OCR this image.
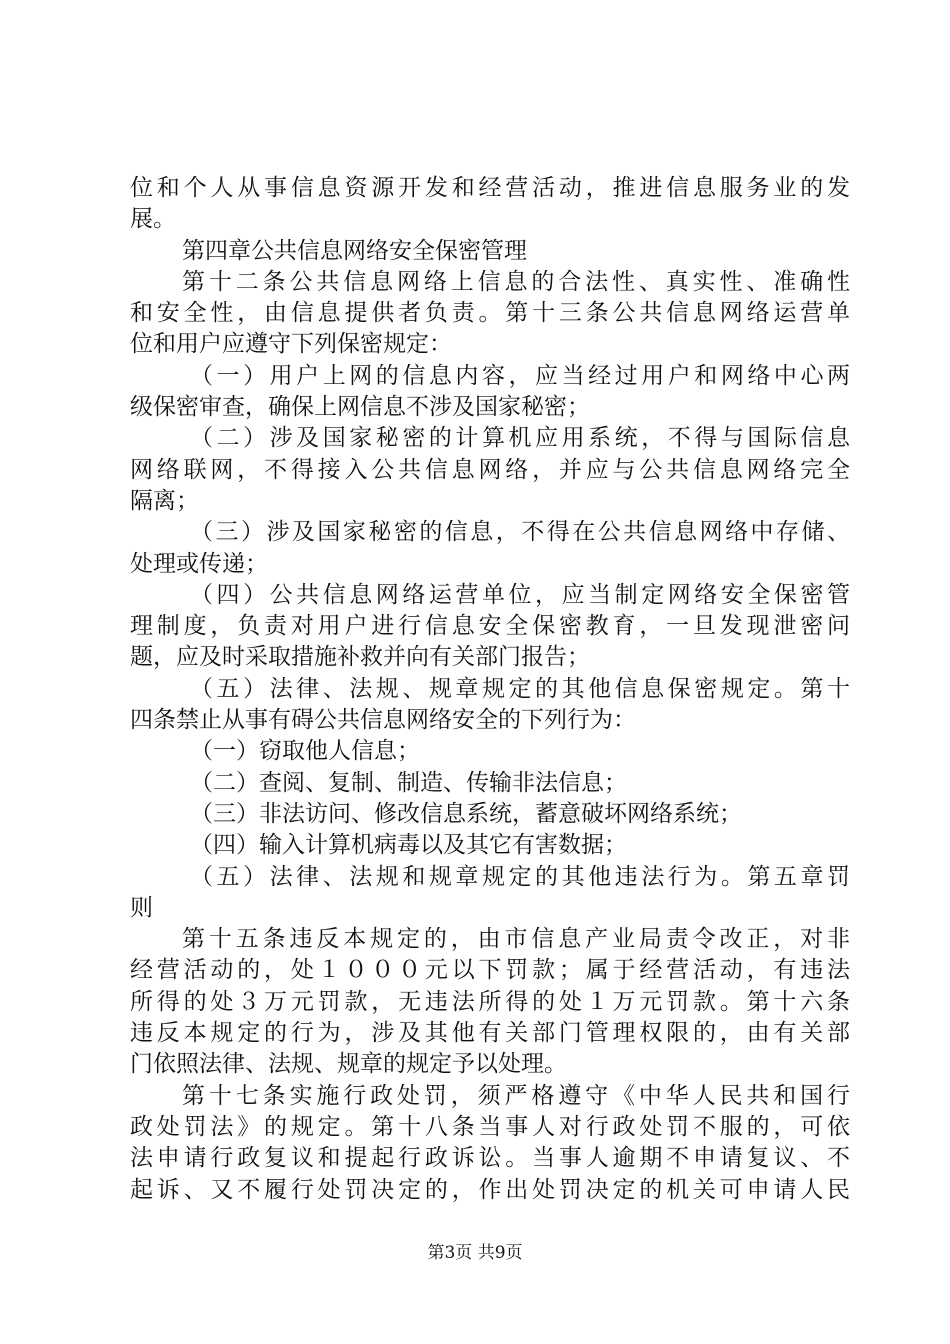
位和个人从事信息资源开发和经营活动，推进信息服务业的发
展。
第四章公共信息网络安全保密管理
第十二条公共信息网络上信息的合法性、真实性、准确性
和安全性，由信息提供者负责。第十三条公共信息网络运营单
位和用户应遵守下列保密规定：
（一）用户上网的信息内容，应当经过用户和网络中心两
级保密审查，确保上网信息不涉及国家秘密；
（二）涉及国家秘密的计算机应用系统，不得与国际信息
网络联网，不得接入公共信息网络，并应与公共信息网络完全
隔离；
（三）涉及国家秘密的信息，不得在公共信息网络中存储、
处理或传递；
（四）公共信息网络运营单位，应当制定网络安全保密管
理制度，负责对用户进行信息安全保密教育，一旦发现泄密问
题，应及时采取措施补救并向有关部门报告；
（五）法律、法规、规章规定的其他信息保密规定。第十
四条禁止从事有碍公共信息网络安全的下列行为：
（一）窃取他人信息；
（二）查阅、复制、制造、传输非法信息；
（三）非法访问、修改信息系统，蓄意破坏网络系统；
（四）输入计算机病毒以及其它有害数据；
（五）法律、法规和规章规定的其他违法行为。第五章罚
则
第十五条违反本规定的，由市信息产业局责令改正，对非
经营活动的，处１０００元以下罚款；属于经营活动，有违法
所得的处３万元罚款，无违法所得的处１万元罚款。第十六条
违反本规定的行为，涉及其他有关部门管理权限的，由有关部
门依照法律、法规、规章的规定予以处理。
第十七条实施行政处罚，须严格遵守《中华人民共和国行
政处罚法》的规定。第十八条当事人对行政处罚不服的，可依
法申请行政复议和提起行政诉讼。当事人逾期不申请复议、不
起诉、又不履行处罚决定的，作出处罚决定的机关可申请人民
第3页 共9页
